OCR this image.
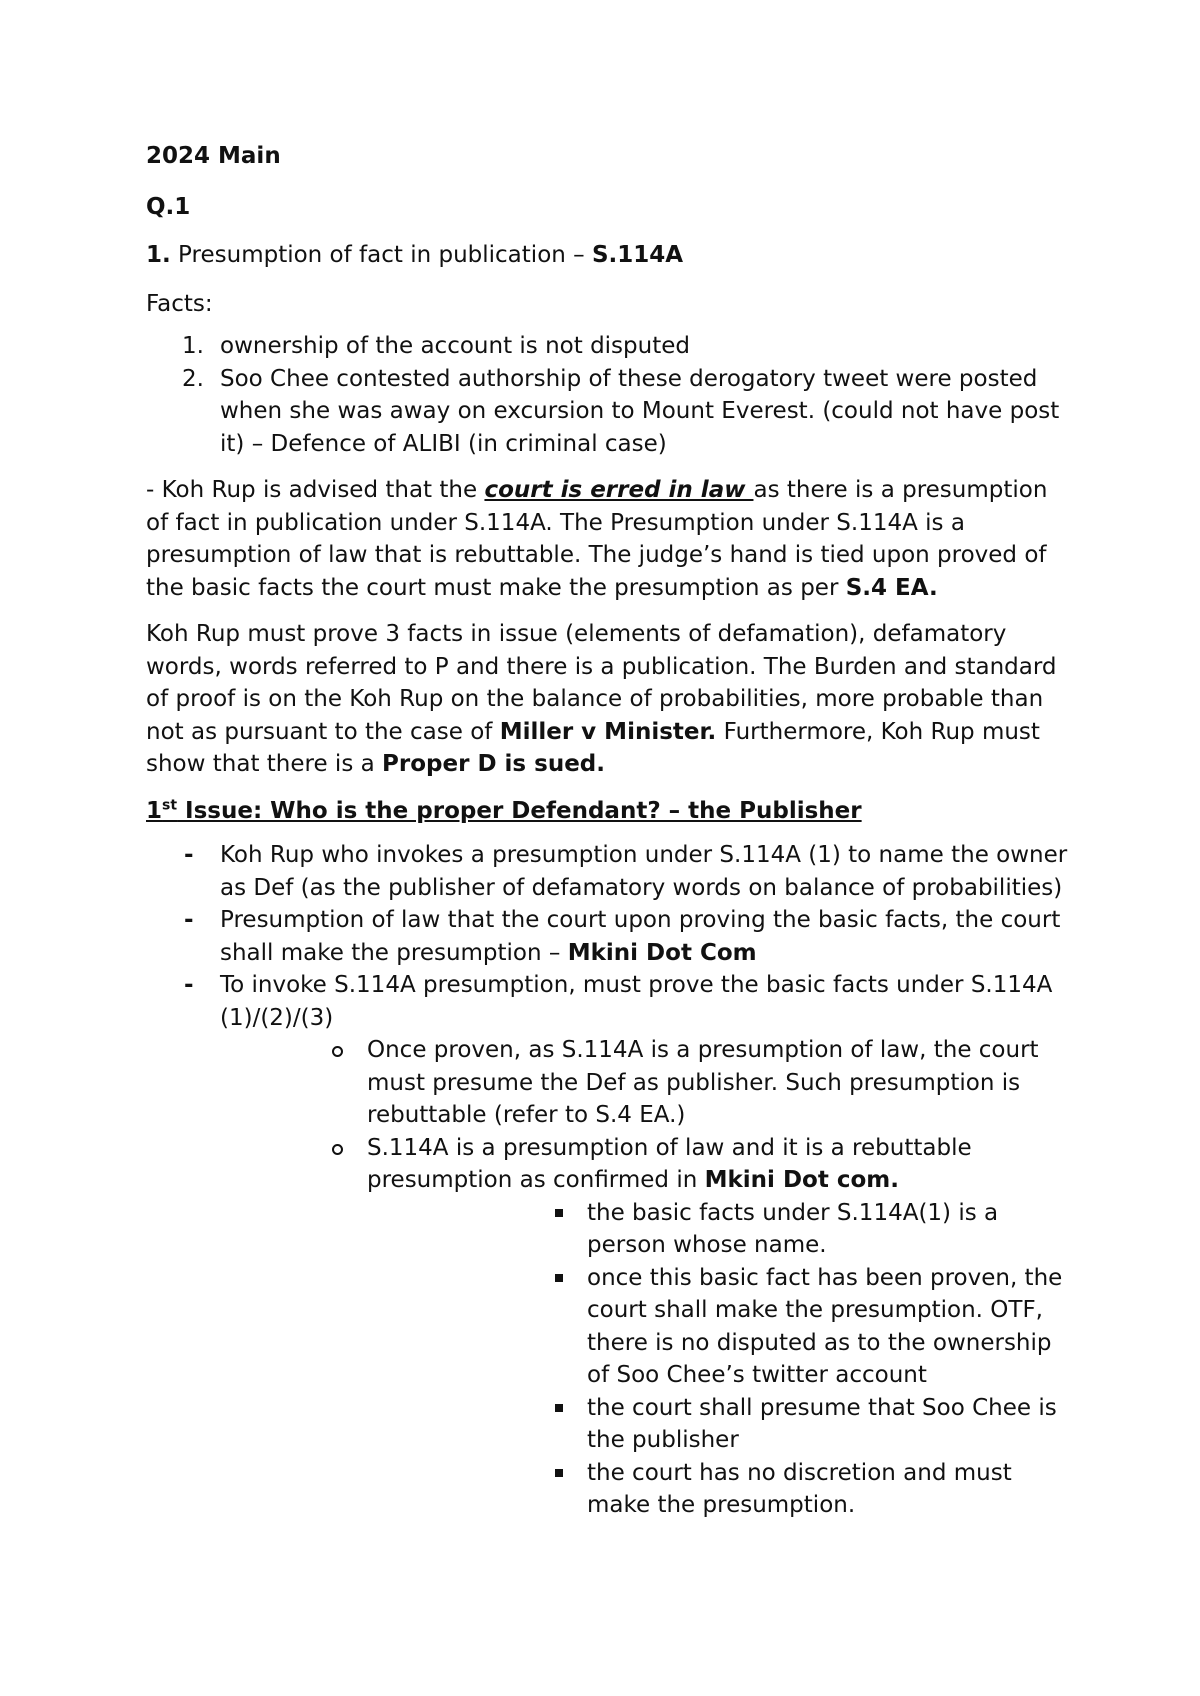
2024 Main

Q.1

1. Presumption of fact in publication – S.114A

Facts:

1. ownership of the account is not disputed
2. Soo Chee contested authorship of these derogatory tweet were posted when she was away on excursion to Mount Everest. (could not have post it) – Defence of ALIBI (in criminal case)

- Koh Rup is advised that the court is erred in law as there is a presumption of fact in publication under S.114A. The Presumption under S.114A is a presumption of law that is rebuttable. The judge’s hand is tied upon proved of the basic facts the court must make the presumption as per S.4 EA.

Koh Rup must prove 3 facts in issue (elements of defamation), defamatory words, words referred to P and there is a publication. The Burden and standard of proof is on the Koh Rup on the balance of probabilities, more probable than not as pursuant to the case of Miller v Minister. Furthermore, Koh Rup must show that there is a Proper D is sued.

1st Issue: Who is the proper Defendant? – the Publisher

- Koh Rup who invokes a presumption under S.114A (1) to name the owner as Def (as the publisher of defamatory words on balance of probabilities)
- Presumption of law that the court upon proving the basic facts, the court shall make the presumption – Mkini Dot Com
- To invoke S.114A presumption, must prove the basic facts under S.114A (1)/(2)/(3)
Once proven, as S.114A is a presumption of law, the court must presume the Def as publisher. Such presumption is rebuttable (refer to S.4 EA.)
S.114A is a presumption of law and it is a rebuttable presumption as confirmed in Mkini Dot com.
the basic facts under S.114A(1) is a person whose name.
once this basic fact has been proven, the court shall make the presumption. OTF, there is no disputed as to the ownership of Soo Chee’s twitter account
the court shall presume that Soo Chee is the publisher
the court has no discretion and must make the presumption.
